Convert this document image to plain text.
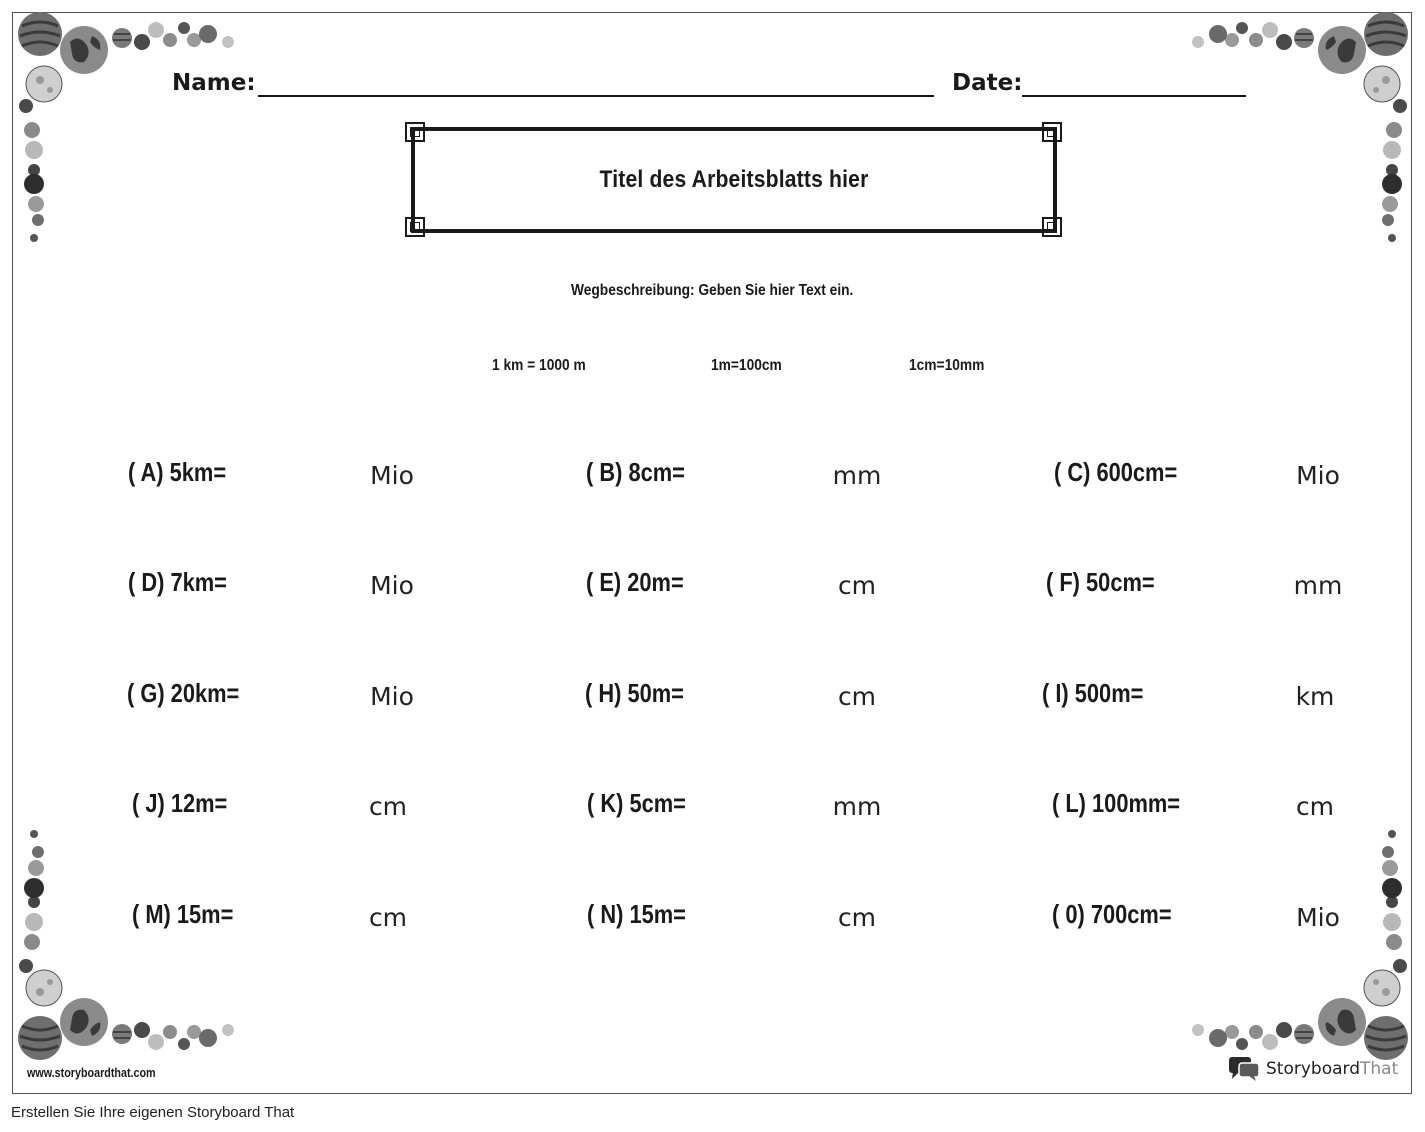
Name:	Date:
Titel des Arbeitsblatts hier
Wegbeschreibung: Geben Sie hier Text ein.
1 km = 1000 m	1m=100cm	1cm=10mm
( A) 5km=	Mio	( B) 8cm=	mm	( C) 600cm=	Mio
( D) 7km=	Mio	( E) 20m=	cm	( F) 50cm=	mm
( G) 20km=	Mio	( H) 50m=	cm	( I) 500m=	km
( J) 12m=	cm	( K) 5cm=	mm	( L) 100mm=	cm
( M) 15m=	cm	( N) 15m=	cm	( 0) 700cm=	Mio
www.storyboardthat.com	StoryboardThat
Erstellen Sie Ihre eigenen Storyboard That
